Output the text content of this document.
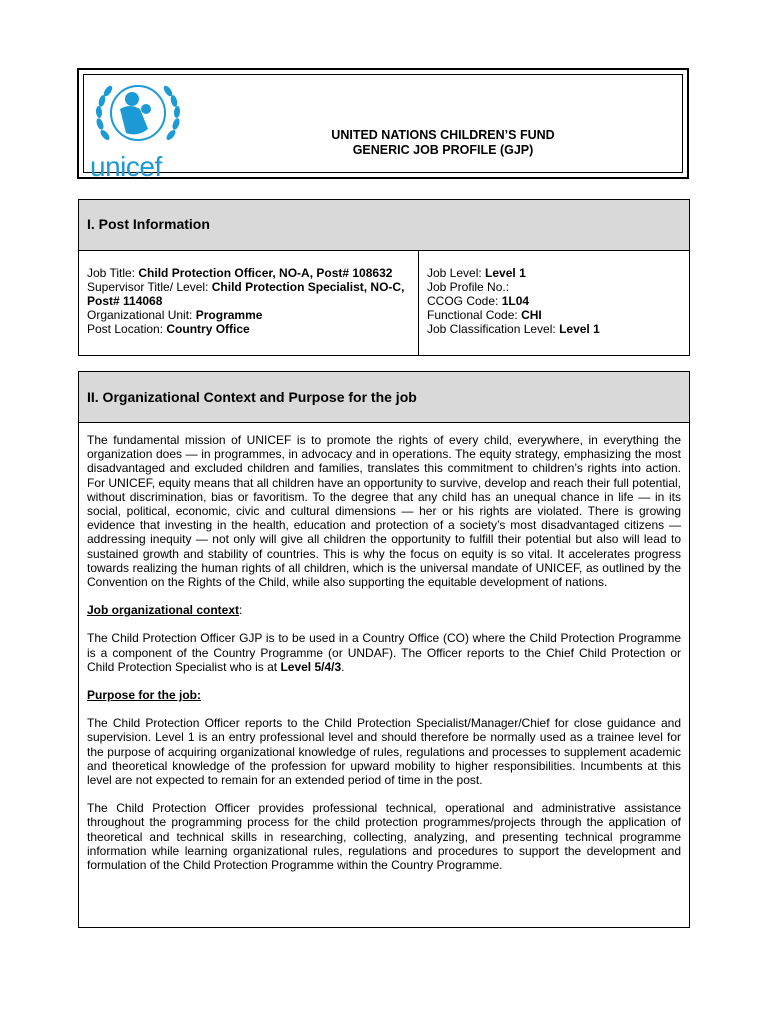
unicef
UNITED NATIONS CHILDREN’S FUND
GENERIC JOB PROFILE (GJP)
I. Post Information
Job Title: Child Protection Officer, NO-A, Post# 108632
Supervisor Title/ Level: Child Protection Specialist, NO-C, Post# 114068
Organizational Unit: Programme
Post Location: Country Office
Job Level: Level 1
Job Profile No.:
CCOG Code: 1L04
Functional Code: CHI
Job Classification Level: Level 1
II. Organizational Context and Purpose for the job

The fundamental mission of UNICEF is to promote the rights of every child, everywhere, in everything the organization does — in programmes, in advocacy and in operations. The equity strategy, emphasizing the most disadvantaged and excluded children and families, translates this commitment to children’s rights into action. For UNICEF, equity means that all children have an opportunity to survive, develop and reach their full potential, without discrimination, bias or favoritism. To the degree that any child has an unequal chance in life — in its social, political, economic, civic and cultural dimensions — her or his rights are violated. There is growing evidence that investing in the health, education and protection of a society’s most disadvantaged citizens — addressing inequity — not only will give all children the opportunity to fulfill their potential but also will lead to sustained growth and stability of countries. This is why the focus on equity is so vital. It accelerates progress towards realizing the human rights of all children, which is the universal mandate of UNICEF, as outlined by the Convention on the Rights of the Child, while also supporting the equitable development of nations.

Job organizational context:

The Child Protection Officer GJP is to be used in a Country Office (CO) where the Child Protection Programme is a component of the Country Programme (or UNDAF). The Officer reports to the Chief Child Protection or Child Protection Specialist who is at Level 5/4/3.

Purpose for the job:

The Child Protection Officer reports to the Child Protection Specialist/Manager/Chief for close guidance and supervision. Level 1 is an entry professional level and should therefore be normally used as a trainee level for the purpose of acquiring organizational knowledge of rules, regulations and processes to supplement academic and theoretical knowledge of the profession for upward mobility to higher responsibilities. Incumbents at this level are not expected to remain for an extended period of time in the post.

The Child Protection Officer provides professional technical, operational and administrative assistance throughout the programming process for the child protection programmes/projects through the application of theoretical and technical skills in researching, collecting, analyzing, and presenting technical programme information while learning organizational rules, regulations and procedures to support the development and formulation of the Child Protection Programme within the Country Programme.
